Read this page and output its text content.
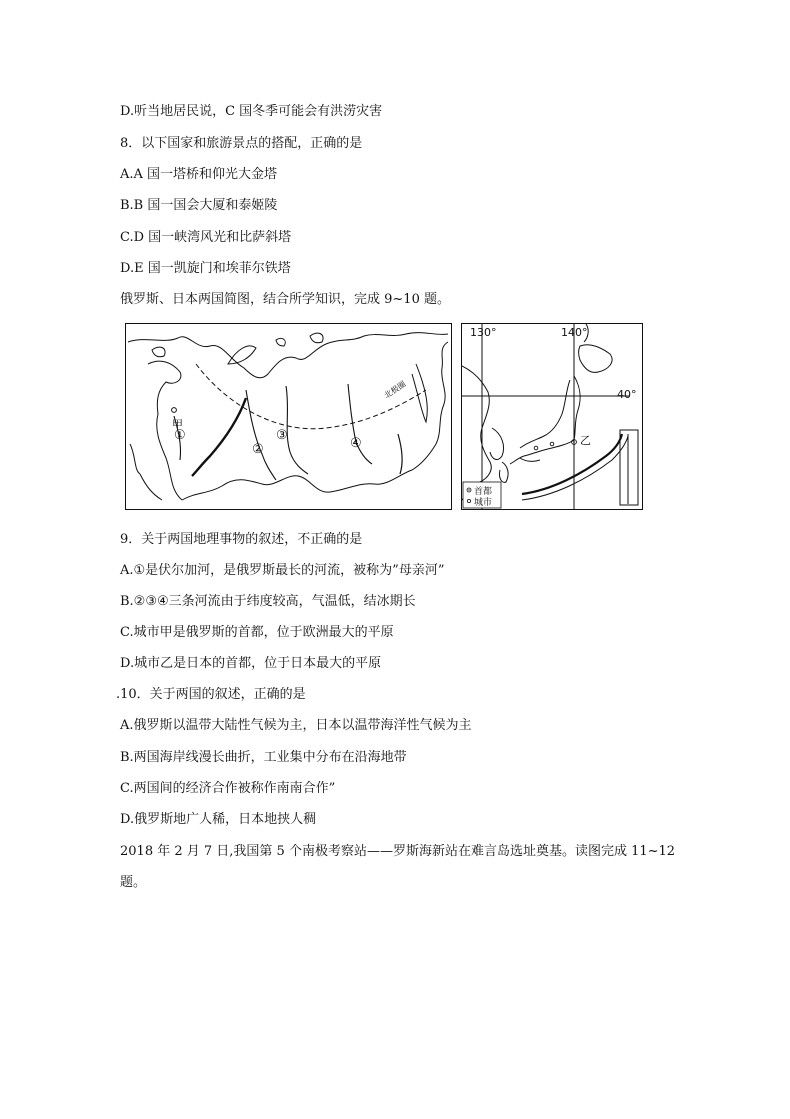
D.听当地居民说，C 国冬季可能会有洪涝灾害
8．以下国家和旅游景点的搭配，正确的是
A.A 国一塔桥和仰光大金塔
B.B 国一国会大厦和泰姬陵
C.D 国一峡湾风光和比萨斜塔
D.E 国一凯旋门和埃菲尔铁塔
俄罗斯、日本两国简图，结合所学知识，完成 9~10 题。
甲
①
②
③
④
北极圈
130°	140°
40°
乙
首都
城市
9．关于两国地理事物的叙述，不正确的是
A.①是伏尔加河，是俄罗斯最长的河流，被称为”母亲河”
B.②③④三条河流由于纬度较高，气温低，结冰期长
C.城市甲是俄罗斯的首都，位于欧洲最大的平原
D.城市乙是日本的首都，位于日本最大的平原
.10．关于两国的叙述，正确的是
A.俄罗斯以温带大陆性气候为主，日本以温带海洋性气候为主
B.两国海岸线漫长曲折，工业集中分布在沿海地带
C.两国间的经济合作被称作南南合作”
D.俄罗斯地广人稀，日本地挟人稠
2018 年 2 月 7 日,我国第 5 个南极考察站——罗斯海新站在难言岛选址奠基。读图完成 11~12
题。
